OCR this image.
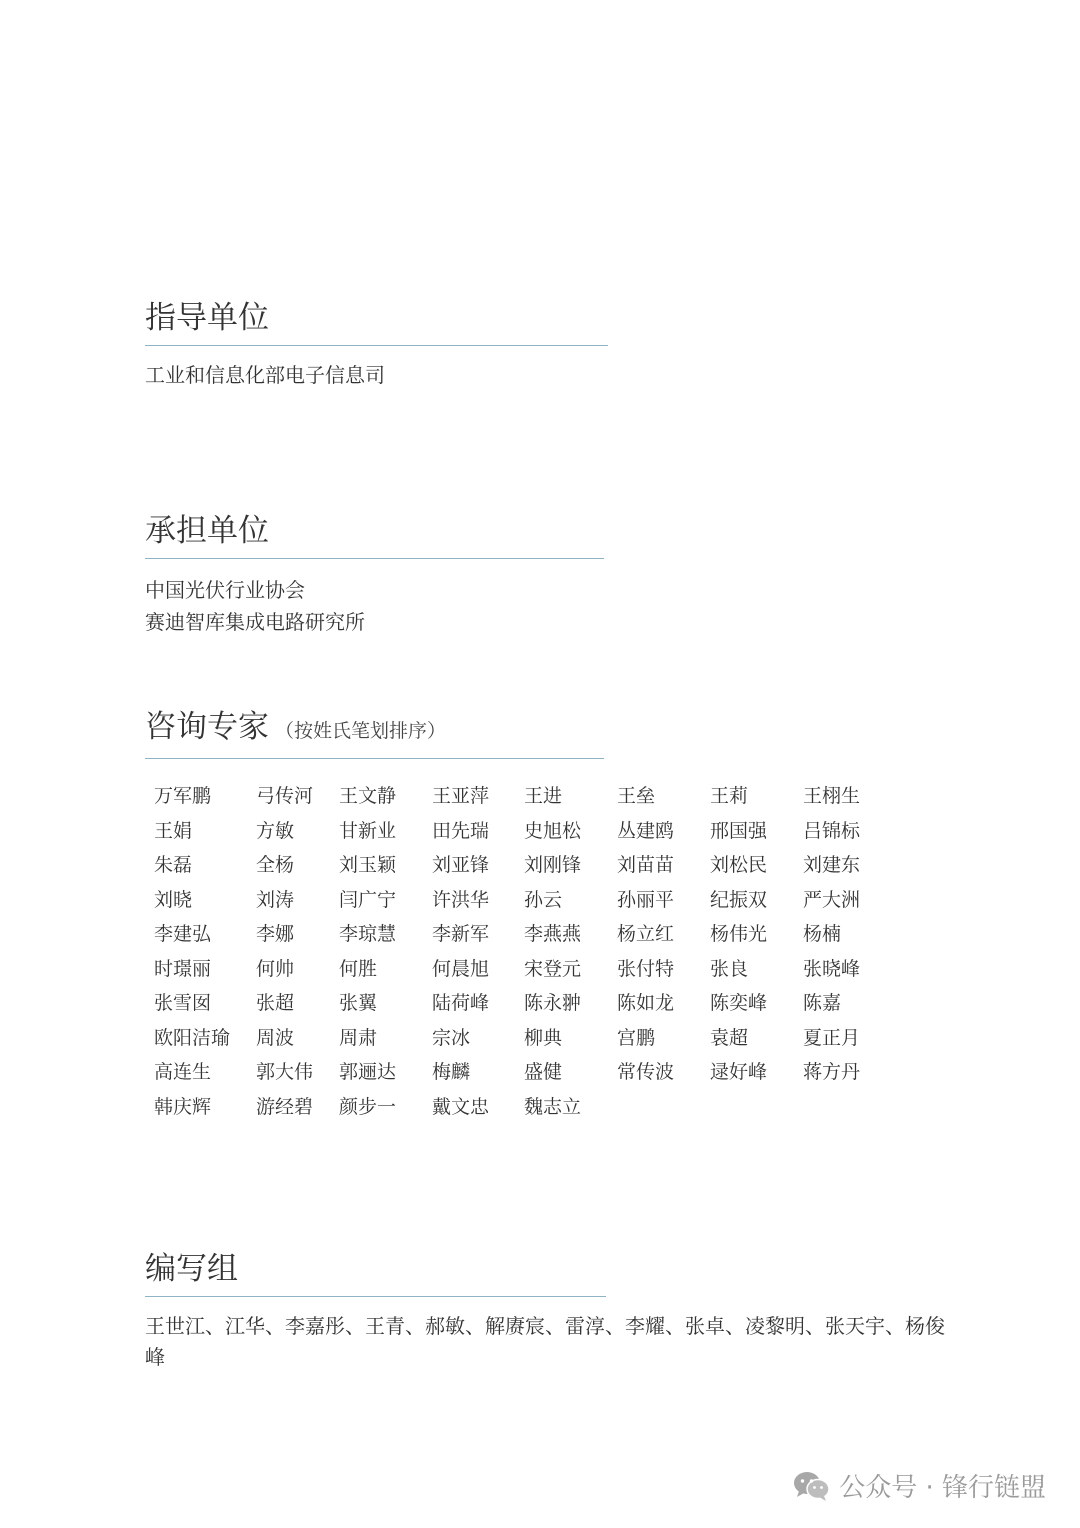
指导单位
工业和信息化部电子信息司
承担单位
中国光伏行业协会
赛迪智库集成电路研究所
咨询专家 （按姓氏笔划排序）
万军鹏	弓传河	王文静	王亚萍	王进	王垒	王莉	王栩生
王娟	方敏	甘新业	田先瑞	史旭松	丛建鸥	邢国强	吕锦标
朱磊	全杨	刘玉颖	刘亚锋	刘刚锋	刘苗苗	刘松民	刘建东
刘晓	刘涛	闫广宁	许洪华	孙云	孙丽平	纪振双	严大洲
李建弘	李娜	李琼慧	李新军	李燕燕	杨立红	杨伟光	杨楠
时璟丽	何帅	何胜	何晨旭	宋登元	张付特	张良	张晓峰
张雪囡	张超	张翼	陆荷峰	陈永翀	陈如龙	陈奕峰	陈嘉
欧阳洁瑜	周波	周肃	宗冰	柳典	宫鹏	袁超	夏正月
高连生	郭大伟	郭逦达	梅麟	盛健	常传波	逯好峰	蒋方丹
韩庆辉	游经碧	颜步一	戴文忠	魏志立
编写组
王世江、江华、李嘉彤、王青、郝敏、解赓宸、雷淳、李耀、张卓、凌黎明、张天宇、杨俊峰
公众号 · 锋行链盟
